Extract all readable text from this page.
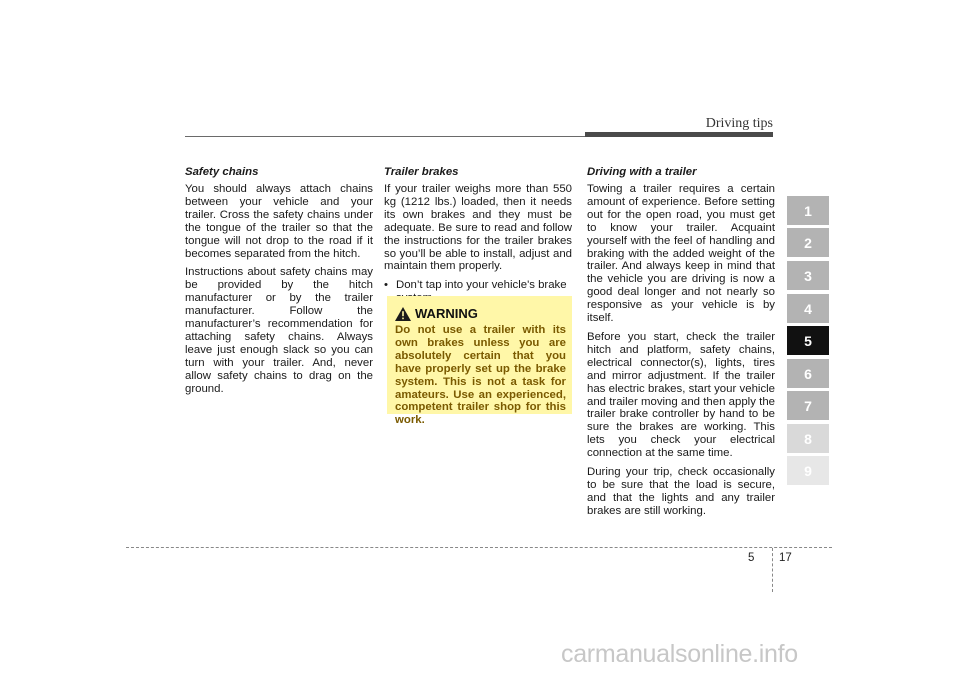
Driving tips
Safety chains

You should always attach chains between your vehicle and your trailer. Cross the safety chains under the tongue of the trailer so that the tongue will not drop to the road if it becomes separated from the hitch.

Instructions about safety chains may be provided by the hitch manufacturer or by the trailer manufacturer. Follow the manufacturer’s recommendation for attaching safety chains. Always leave just enough slack so you can turn with your trailer. And, never allow safety chains to drag on the ground.

Trailer brakes

If your trailer weighs more than 550 kg (1212 lbs.) loaded, then it needs its own brakes and they must be adequate. Be sure to read and follow the instructions for the trailer brakes so you’ll be able to install, adjust and maintain them properly.

• Don’t tap into your vehicle's brake
WARNING
Do not use a trailer with its own brakes unless you are absolutely certain that you have properly set up the brake system. This is not a task for amateurs. Use an experienced, competent trailer shop for this work.
Driving with a trailer

Towing a trailer requires a certain amount of experience. Before setting out for the open road, you must get to know your trailer. Acquaint yourself with the feel of handling and braking with the added weight of the trailer. And always keep in mind that the vehicle you are driving is now a good deal longer and not nearly so responsive as your vehicle is by itself.

Before you start, check the trailer hitch and platform, safety chains, electrical connector(s), lights, tires and mirror adjustment. If the trailer has electric brakes, start your vehicle and trailer moving and then apply the trailer brake controller by hand to be sure the brakes are working. This lets you check your electrical connection at the same time.

During your trip, check occasionally to be sure that the load is secure, and that the lights and any trailer brakes are still working.

1
2
3
4
5
6
7
8
9
5 17
carmanualsonline.info
